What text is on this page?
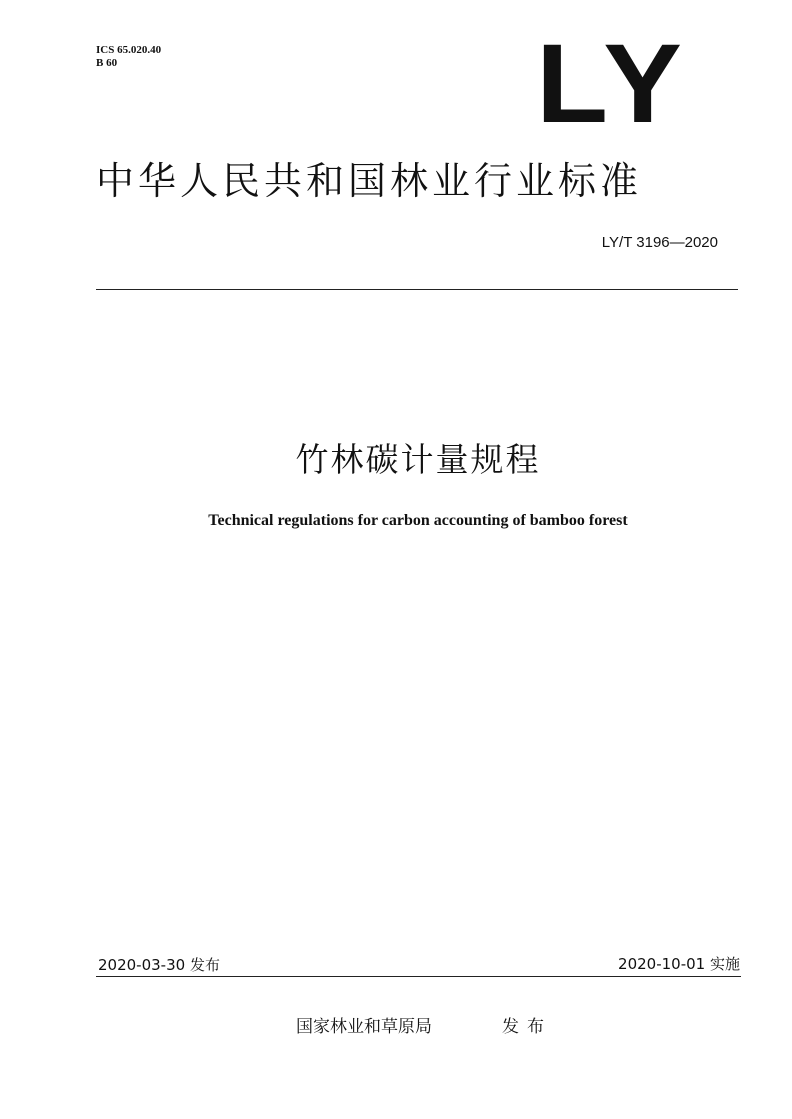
ICS 65.020.40
B 60	LY
中华人民共和国林业行业标准
LY/T 3196—2020
竹林碳计量规程
Technical regulations for carbon accounting of bamboo forest
2020-03-30 发布	2020-10-01 实施
国家林业和草原局	发布
